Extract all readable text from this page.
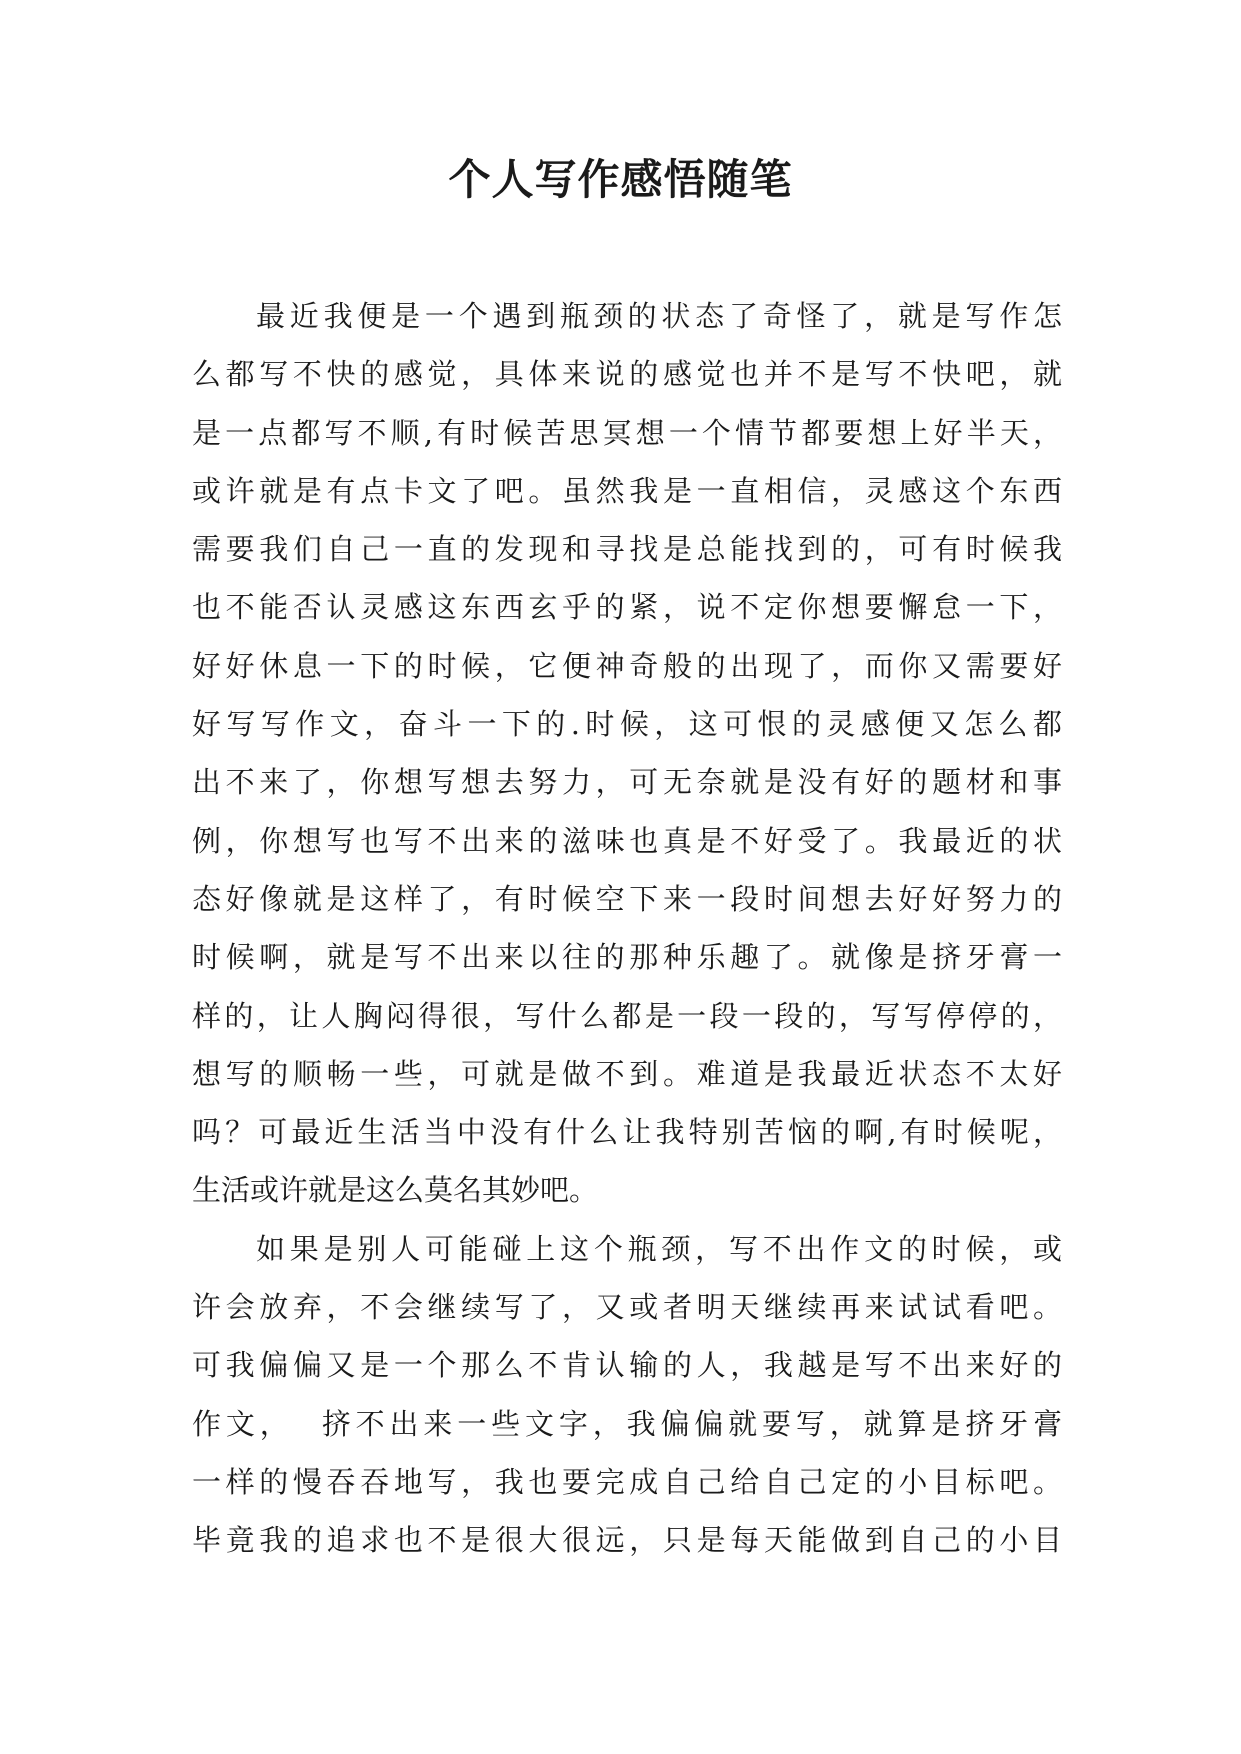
个人写作感悟随笔
最近我便是一个遇到瓶颈的状态了奇怪了，就是写作怎
么都写不快的感觉，具体来说的感觉也并不是写不快吧，就
是一点都写不顺,有时候苦思冥想一个情节都要想上好半天，
或许就是有点卡文了吧。虽然我是一直相信，灵感这个东西
需要我们自己一直的发现和寻找是总能找到的，可有时候我
也不能否认灵感这东西玄乎的紧，说不定你想要懈怠一下，
好好休息一下的时候，它便神奇般的出现了，而你又需要好
好写写作文，奋斗一下的.时候，这可恨的灵感便又怎么都
出不来了，你想写想去努力，可无奈就是没有好的题材和事
例，你想写也写不出来的滋味也真是不好受了。我最近的状
态好像就是这样了，有时候空下来一段时间想去好好努力的
时候啊，就是写不出来以往的那种乐趣了。就像是挤牙膏一
样的，让人胸闷得很，写什么都是一段一段的，写写停停的，
想写的顺畅一些，可就是做不到。难道是我最近状态不太好
吗？可最近生活当中没有什么让我特别苦恼的啊,有时候呢，
生活或许就是这么莫名其妙吧。
如果是别人可能碰上这个瓶颈，写不出作文的时候，或
许会放弃，不会继续写了，又或者明天继续再来试试看吧。
可我偏偏又是一个那么不肯认输的人，我越是写不出来好的
作文，  挤不出来一些文字，我偏偏就要写，就算是挤牙膏
一样的慢吞吞地写，我也要完成自己给自己定的小目标吧。
毕竟我的追求也不是很大很远，只是每天能做到自己的小目
